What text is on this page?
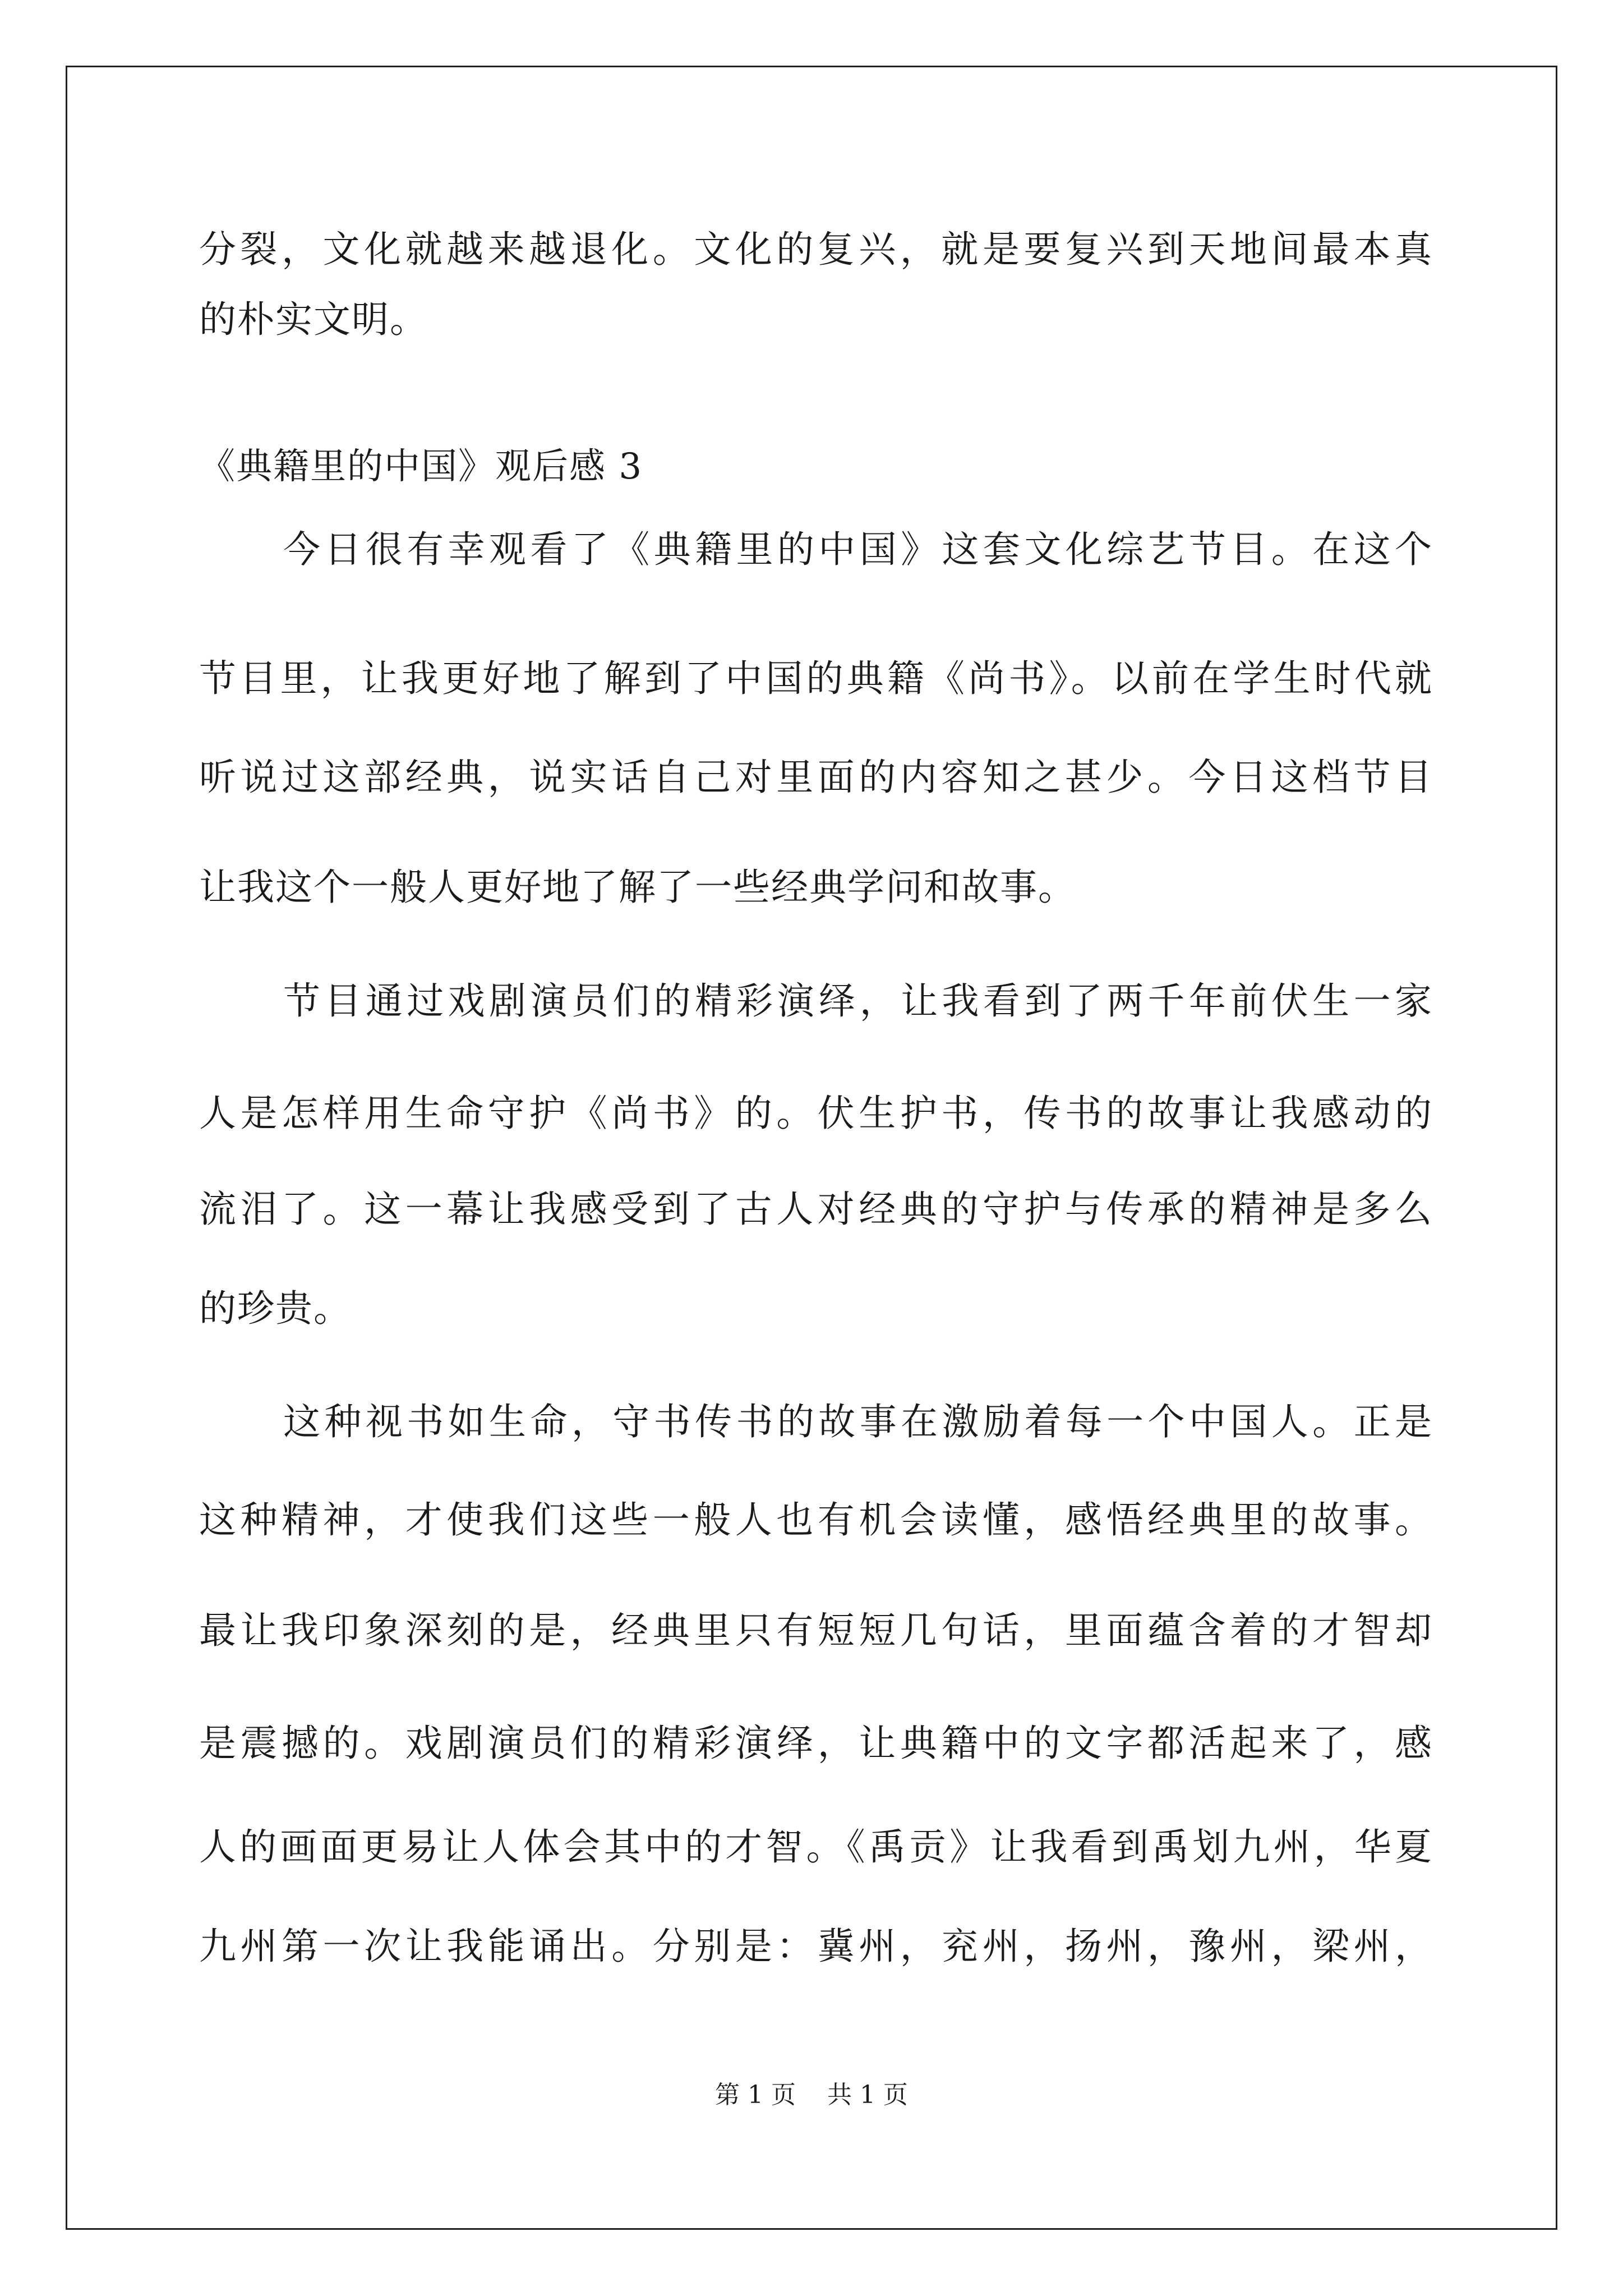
分裂，文化就越来越退化。文化的复兴，就是要复兴到天地间最本真
的朴实文明。
《典籍里的中国》观后感 3
今日很有幸观看了《典籍里的中国》这套文化综艺节目。在这个
节目里，让我更好地了解到了中国的典籍《尚书》。以前在学生时代就
听说过这部经典，说实话自己对里面的内容知之甚少。今日这档节目
让我这个一般人更好地了解了一些经典学问和故事。
节目通过戏剧演员们的精彩演绎，让我看到了两千年前伏生一家
人是怎样用生命守护《尚书》的。伏生护书，传书的故事让我感动的
流泪了。这一幕让我感受到了古人对经典的守护与传承的精神是多么
的珍贵。
这种视书如生命，守书传书的故事在激励着每一个中国人。正是
这种精神，才使我们这些一般人也有机会读懂，感悟经典里的故事。
最让我印象深刻的是，经典里只有短短几句话，里面蕴含着的才智却
是震撼的。戏剧演员们的精彩演绎，让典籍中的文字都活起来了，感
人的画面更易让人体会其中的才智。《禹贡》让我看到禹划九州，华夏
九州第一次让我能诵出。分别是：冀州，兖州，扬州，豫州，梁州，
第 1 页    共 1 页
